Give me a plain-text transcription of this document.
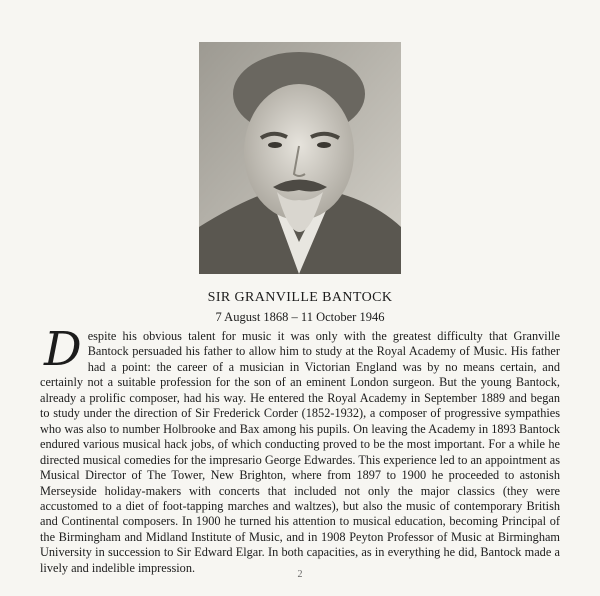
SIR GRANVILLE BANTOCK
7 August 1868 – 11 October 1946

Despite his obvious talent for music it was only with the greatest difficulty that Granville Bantock persuaded his father to allow him to study at the Royal Academy of Music. His father had a point: the career of a musician in Victorian England was by no means certain, and certainly not a suitable profession for the son of an eminent London surgeon. But the young Bantock, already a prolific composer, had his way. He entered the Royal Academy in September 1889 and began to study under the direction of Sir Frederick Corder (1852-1932), a composer of progressive sympathies who was also to number Holbrooke and Bax among his pupils. On leaving the Academy in 1893 Bantock endured various musical hack jobs, of which conducting proved to be the most important. For a while he directed musical comedies for the impresario George Edwardes. This experience led to an appointment as Musical Director of The Tower, New Brighton, where from 1897 to 1900 he proceeded to astonish Merseyside holiday-makers with concerts that included not only the major classics (they were accustomed to a diet of foot-tapping marches and waltzes), but also the music of contemporary British and Continental composers. In 1900 he turned his attention to musical education, becoming Principal of the Birmingham and Midland Institute of Music, and in 1908 Peyton Professor of Music at Birmingham University in succession to Sir Edward Elgar. In both capacities, as in everything he did, Bantock made a lively and indelible impression.	2
